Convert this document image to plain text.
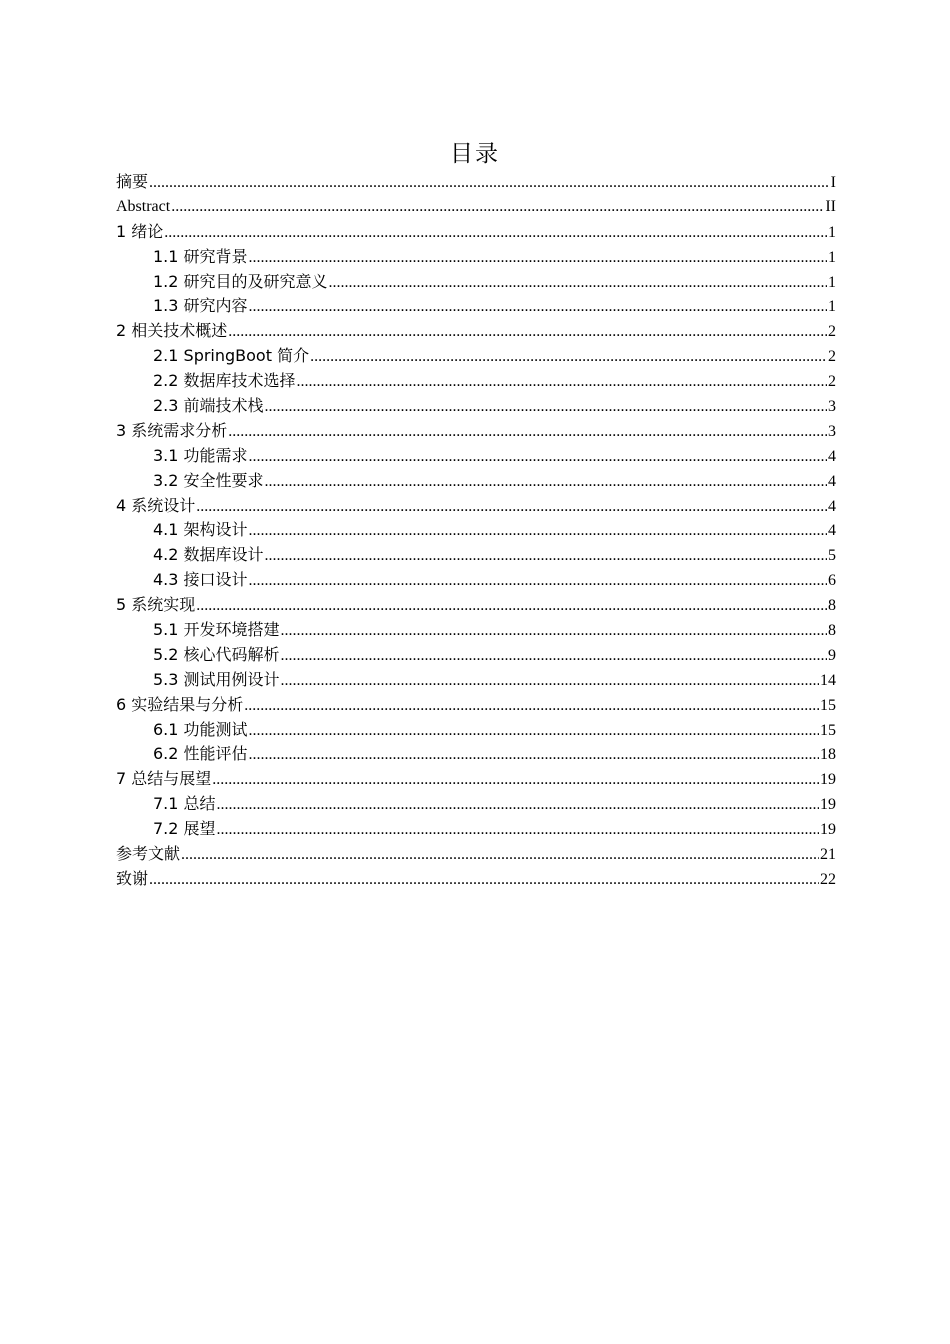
目录
摘要 .....	I
Abstract .....	II
1 绪论 .....	1
1.1 研究背景 .....	1
1.2 研究目的及研究意义 .....	1
1.3 研究内容 .....	1
2 相关技术概述 .....	2
2.1 SpringBoot 简介 .....	2
2.2 数据库技术选择 .....	2
2.3 前端技术栈 .....	3
3 系统需求分析 .....	3
3.1 功能需求 .....	4
3.2 安全性要求 .....	4
4 系统设计 .....	4
4.1 架构设计 .....	4
4.2 数据库设计 .....	5
4.3 接口设计 .....	6
5 系统实现 .....	8
5.1 开发环境搭建 .....	8
5.2 核心代码解析 .....	9
5.3 测试用例设计 .....	14
6 实验结果与分析 .....	15
6.1 功能测试 .....	15
6.2 性能评估 .....	18
7 总结与展望 .....	19
7.1 总结 .....	19
7.2 展望 .....	19
参考文献 .....	21
致谢 .....	22
